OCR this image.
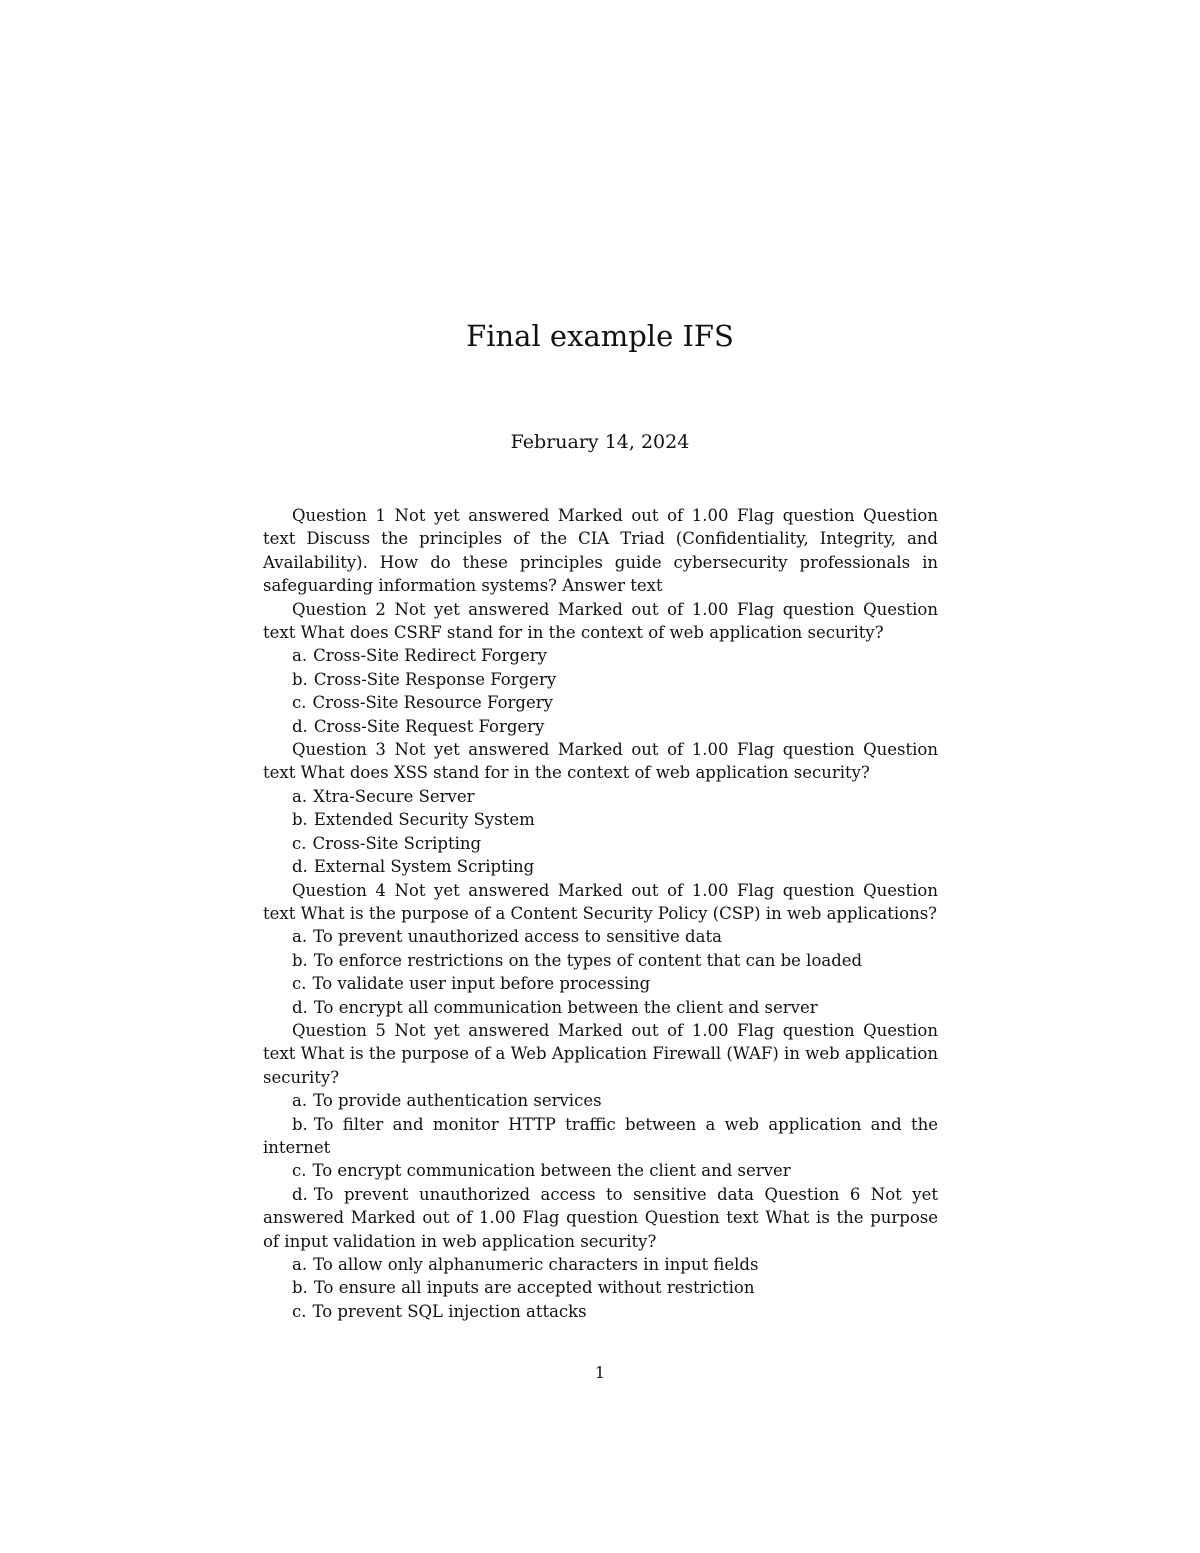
Final example IFS
February 14, 2024

Question 1 Not yet answered Marked out of 1.00 Flag question Question text Discuss the principles of the CIA Triad (Confidentiality, Integrity, and Availability). How do these principles guide cybersecurity professionals in safeguarding information systems? Answer text

Question 2 Not yet answered Marked out of 1.00 Flag question Question text What does CSRF stand for in the context of web application security?

a. Cross-Site Redirect Forgery

b. Cross-Site Response Forgery

c. Cross-Site Resource Forgery

d. Cross-Site Request Forgery

Question 3 Not yet answered Marked out of 1.00 Flag question Question text What does XSS stand for in the context of web application security?

a. Xtra-Secure Server

b. Extended Security System

c. Cross-Site Scripting

d. External System Scripting

Question 4 Not yet answered Marked out of 1.00 Flag question Question text What is the purpose of a Content Security Policy (CSP) in web applications?

a. To prevent unauthorized access to sensitive data

b. To enforce restrictions on the types of content that can be loaded

c. To validate user input before processing

d. To encrypt all communication between the client and server

Question 5 Not yet answered Marked out of 1.00 Flag question Question text What is the purpose of a Web Application Firewall (WAF) in web application security?

a. To provide authentication services

b. To filter and monitor HTTP traffic between a web application and the internet

c. To encrypt communication between the client and server

d. To prevent unauthorized access to sensitive data Question 6 Not yet answered Marked out of 1.00 Flag question Question text What is the purpose of input validation in web application security?

a. To allow only alphanumeric characters in input fields

b. To ensure all inputs are accepted without restriction

c. To prevent SQL injection attacks

1
